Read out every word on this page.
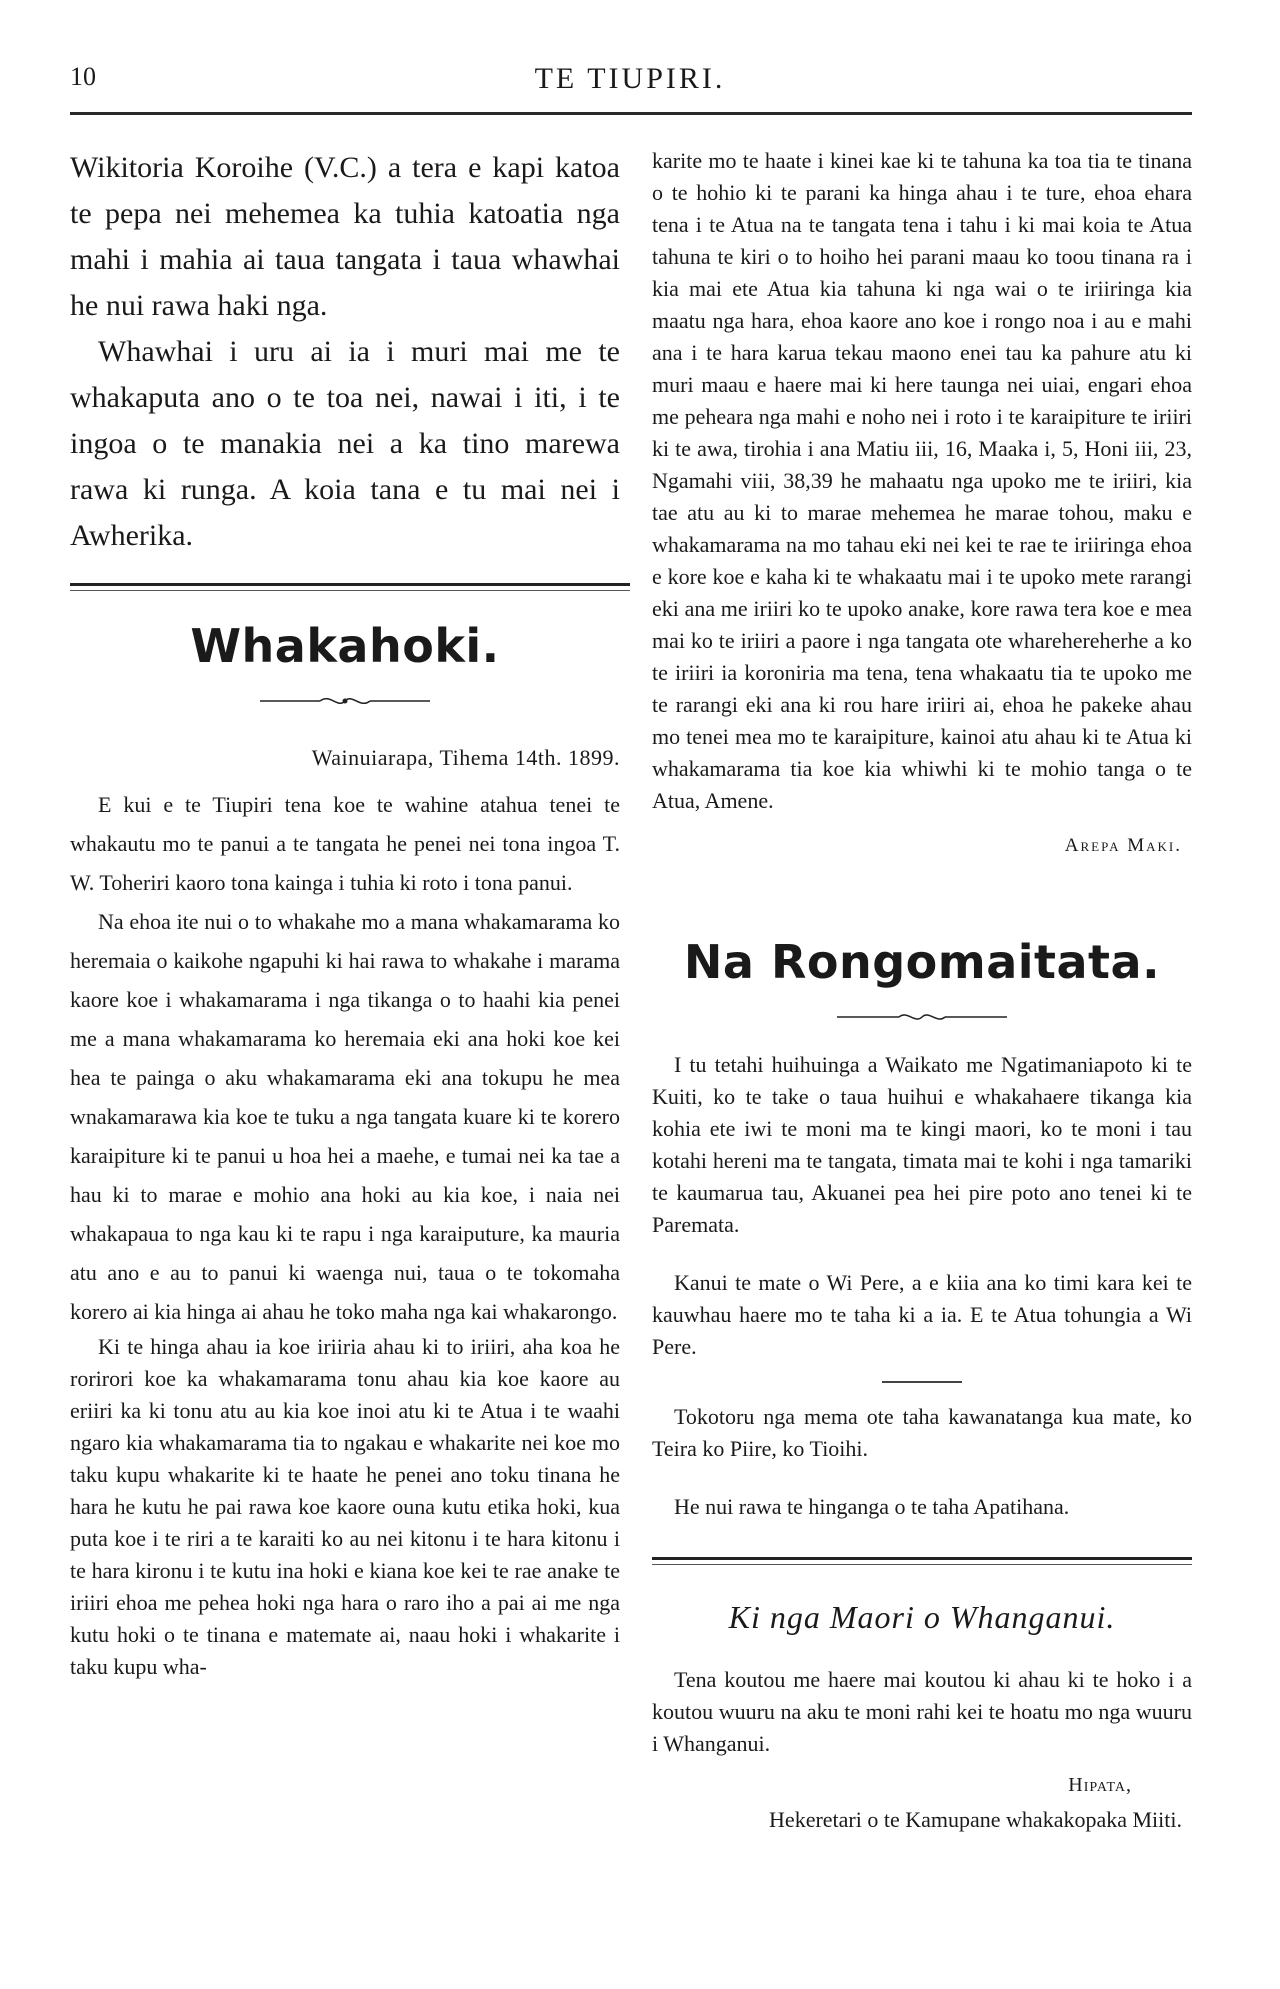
10	TE TIUPIRI.

Wikitoria Koroihe (V.C.) a tera e kapi katoa te pepa nei mehemea ka tuhia katoatia nga mahi i mahia ai taua tangata i taua whawhai he nui rawa haki nga.

Whawhai i uru ai ia i muri mai me te whakaputa ano o te toa nei, nawai i iti, i te ingoa o te manakia nei a ka tino marewa rawa ki runga. A koia tana e tu mai nei i Awherika.

Whakahoki.
Wainuiarapa, Tihema 14th. 1899.

E kui e te Tiupiri tena koe te wahine atahua tenei te whakautu mo te panui a te tangata he penei nei tona ingoa T. W. Toheriri kaoro tona kainga i tuhia ki roto i tona panui.

Na ehoa ite nui o to whakahe mo a mana whakamarama ko heremaia o kaikohe ngapuhi ki hai rawa to whakahe i marama kaore koe i whakamarama i nga tikanga o to haahi kia penei me a mana whakamarama ko heremaia eki ana hoki koe kei hea te painga o aku whakamarama eki ana tokupu he mea wnakamarawa kia koe te tuku a nga tangata kuare ki te korero karaipiture ki te panui u hoa hei a maehe, e tumai nei ka tae a hau ki to marae e mohio ana hoki au kia koe, i naia nei whakapaua to nga kau ki te rapu i nga karaiputure, ka mauria atu ano e au to panui ki waenga nui, taua o te tokomaha korero ai kia hinga ai ahau he toko maha nga kai whakarongo.

Ki te hinga ahau ia koe iriiria ahau ki to iriiri, aha koa he rorirori koe ka whakamarama tonu ahau kia koe kaore au eriiri ka ki tonu atu au kia koe inoi atu ki te Atua i te waahi ngaro kia whakamarama tia to ngakau e whakarite nei koe mo taku kupu whakarite ki te haate he penei ano toku tinana he hara he kutu he pai rawa koe kaore ouna kutu etika hoki, kua puta koe i te riri a te karaiti ko au nei kitonu i te hara kitonu i te hara kironu i te kutu ina hoki e kiana koe kei te rae anake te iriiri ehoa me pehea hoki nga hara o raro iho a pai ai me nga kutu hoki o te tinana e matemate ai, naau hoki i whakarite i taku kupu wha-

karite mo te haate i kinei kae ki te tahuna ka toa tia te tinana o te hohio ki te parani ka hinga ahau i te ture, ehoa ehara tena i te Atua na te tangata tena i tahu i ki mai koia te Atua tahuna te kiri o to hoiho hei parani maau ko toou tinana ra i kia mai ete Atua kia tahuna ki nga wai o te iriiringa kia maatu nga hara, ehoa kaore ano koe i rongo noa i au e mahi ana i te hara karua tekau maono enei tau ka pahure atu ki muri maau e haere mai ki here taunga nei uiai, engari ehoa me peheara nga mahi e noho nei i roto i te karaipiture te iriiri ki te awa, tirohia i ana Matiu iii, 16, Maaka i, 5, Honi iii, 23, Ngamahi viii, 38,39 he mahaatu nga upoko me te iriiri, kia tae atu au ki to marae mehemea he marae tohou, maku e whakamarama na mo tahau eki nei kei te rae te iriiringa ehoa e kore koe e kaha ki te whakaatu mai i te upoko mete rarangi eki ana me iriiri ko te upoko anake, kore rawa tera koe e mea mai ko te iriiri a paore i nga tangata ote wharehereherhe a ko te iriiri ia koroniria ma tena, tena whakaatu tia te upoko me te rarangi eki ana ki rou hare iriiri ai, ehoa he pakeke ahau mo tenei mea mo te karaipiture, kainoi atu ahau ki te Atua ki whakamarama tia koe kia whiwhi ki te mohio tanga o te Atua, Amene.

Arepa Maki.
Na Rongomaitata.

I tu tetahi huihuinga a Waikato me Ngatimaniapoto ki te Kuiti, ko te take o taua huihui e whakahaere tikanga kia kohia ete iwi te moni ma te kingi maori, ko te moni i tau kotahi hereni ma te tangata, timata mai te kohi i nga tamariki te kaumarua tau, Akuanei pea hei pire poto ano tenei ki te Paremata.

Kanui te mate o Wi Pere, a e kiia ana ko timi kara kei te kauwhau haere mo te taha ki a ia. E te Atua tohungia a Wi Pere.

Tokotoru nga mema ote taha kawanatanga kua mate, ko Teira ko Piire, ko Tioihi.

He nui rawa te hinganga o te taha Apatihana.

Ki nga Maori o Whanganui.

Tena koutou me haere mai koutou ki ahau ki te hoko i a koutou wuuru na aku te moni rahi kei te hoatu mo nga wuuru i Whanganui.

Hipata,
Hekeretari o te Kamupane whakakopaka Miiti.
